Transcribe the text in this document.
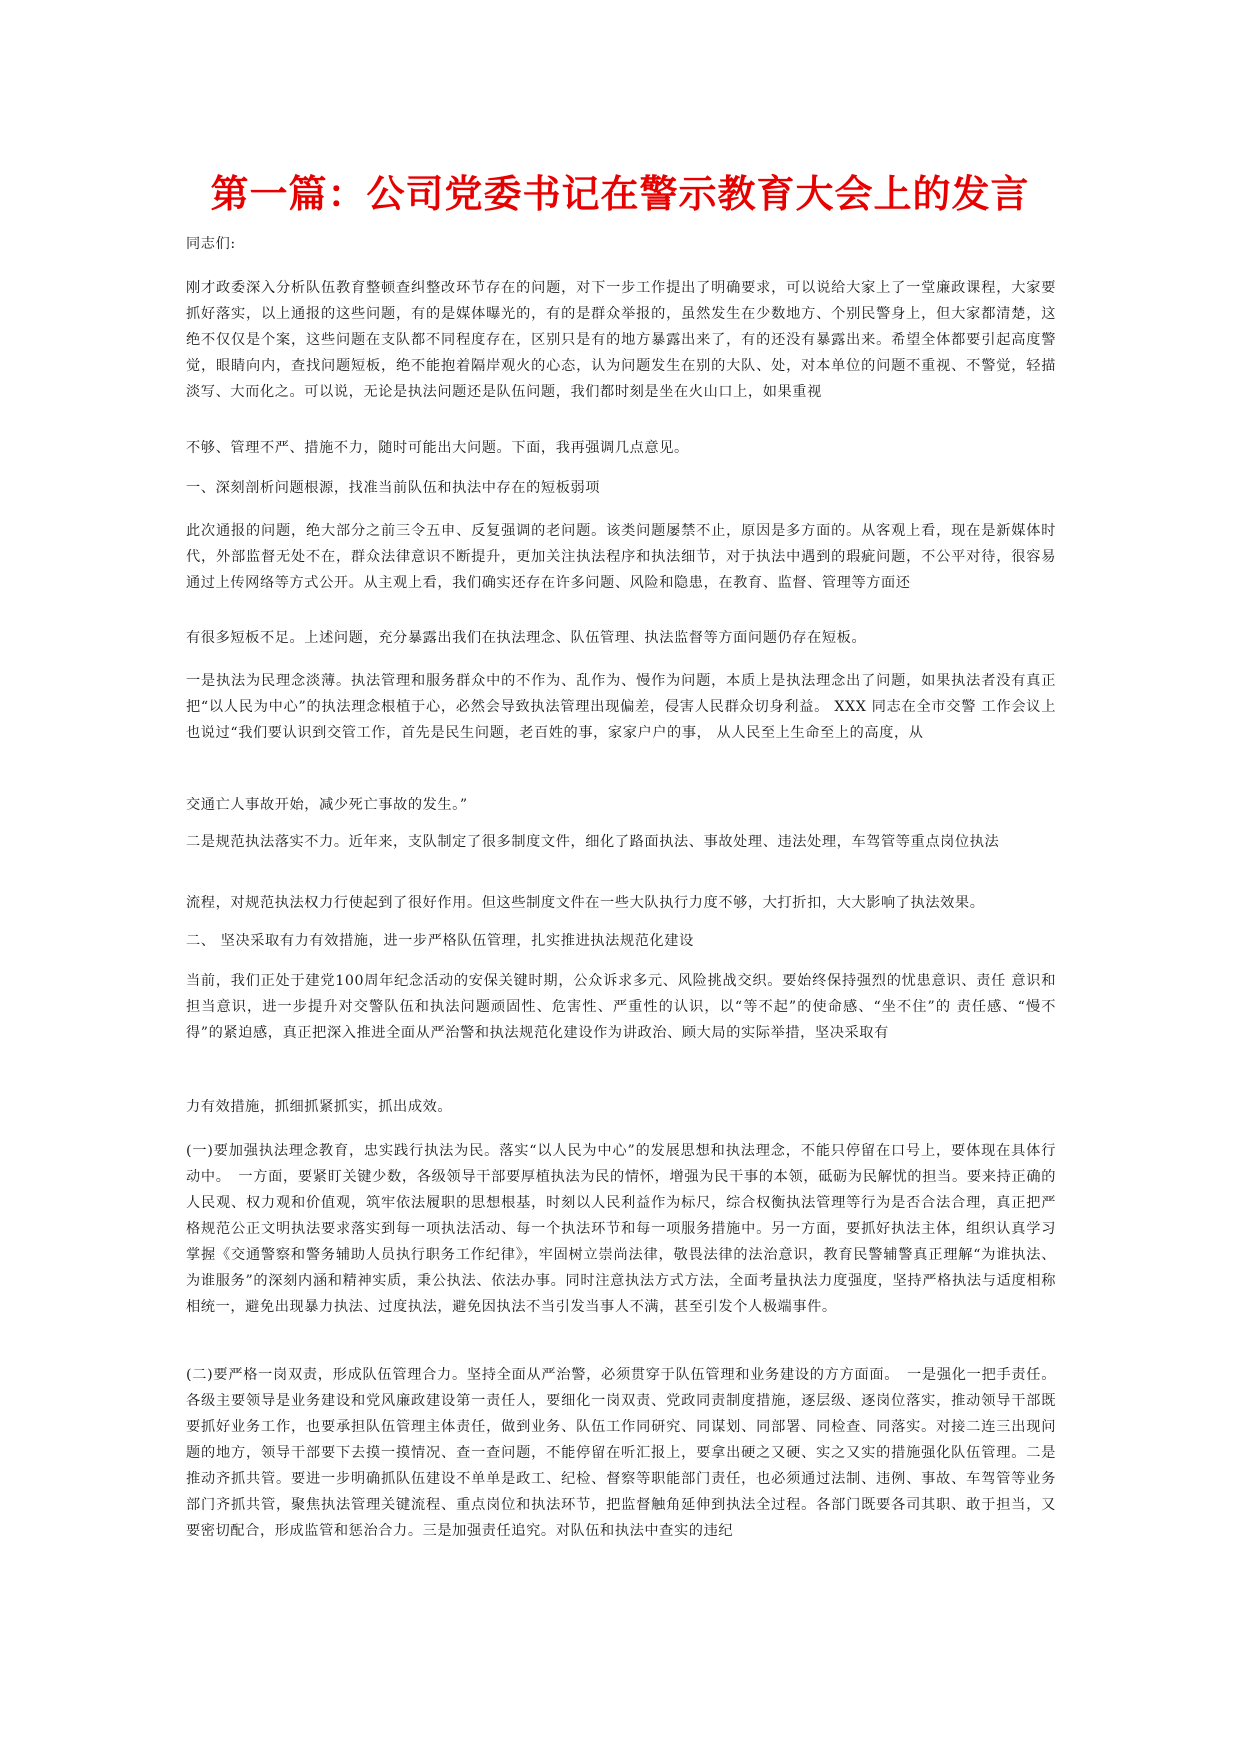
第一篇：公司党委书记在警示教育大会上的发言

同志们:

刚才政委深入分析队伍教育整顿查纠整改环节存在的问题，对下一步工作提出了明确要求，可以说给大家上了一堂廉政课程，大家要抓好落实，以上通报的这些问题，有的是媒体曝光的，有的是群众举报的，虽然发生在少数地方、个别民警身上，但大家都清楚，这绝不仅仅是个案，这些问题在支队都不同程度存在，区别只是有的地方暴露出来了，有的还没有暴露出来。希望全体都要引起高度警觉，眼睛向内，查找问题短板，绝不能抱着隔岸观火的心态，认为问题发生在别的大队、处，对本单位的问题不重视、不警觉，轻描淡写、大而化之。可以说，无论是执法问题还是队伍问题，我们都时刻是坐在火山口上，如果重视

不够、管理不严、措施不力，随时可能出大问题。下面，我再强调几点意见。

一、深刻剖析问题根源，找准当前队伍和执法中存在的短板弱项

此次通报的问题，绝大部分之前三令五申、反复强调的老问题。该类问题屡禁不止，原因是多方面的。从客观上看，现在是新媒体时代，外部监督无处不在，群众法律意识不断提升，更加关注执法程序和执法细节，对于执法中遇到的瑕疵问题，不公平对待，很容易通过上传网络等方式公开。从主观上看，我们确实还存在许多问题、风险和隐患，在教育、监督、管理等方面还

有很多短板不足。上述问题，充分暴露出我们在执法理念、队伍管理、执法监督等方面问题仍存在短板。

一是执法为民理念淡薄。执法管理和服务群众中的不作为、乱作为、慢作为问题，本质上是执法理念出了问题，如果执法者没有真正把“以人民为中心”的执法理念根植于心，必然会导致执法管理出现偏差，侵害人民群众切身利益。 XXX 同志在全市交警 工作会议上也说过“我们要认识到交管工作，首先是民生问题，老百姓的事，家家户户的事， 从人民至上生命至上的高度，从

交通亡人事故开始，减少死亡事故的发生。”

二是规范执法落实不力。近年来，支队制定了很多制度文件，细化了路面执法、事故处理、违法处理，车驾管等重点岗位执法

流程，对规范执法权力行使起到了很好作用。但这些制度文件在一些大队执行力度不够，大打折扣，大大影响了执法效果。

二、 坚决采取有力有效措施，进一步严格队伍管理，扎实推进执法规范化建设

当前，我们正处于建党100周年纪念活动的安保关键时期，公众诉求多元、风险挑战交织。要始终保持强烈的忧患意识、责任 意识和担当意识，进一步提升对交警队伍和执法问题顽固性、危害性、严重性的认识，以“等不起”的使命感、“坐不住”的 责任感、“慢不得”的紧迫感，真正把深入推进全面从严治警和执法规范化建设作为讲政治、顾大局的实际举措，坚决采取有

力有效措施，抓细抓紧抓实，抓出成效。

(一)要加强执法理念教育，忠实践行执法为民。落实“以人民为中心”的发展思想和执法理念，不能只停留在口号上，要体现在具体行动中。　一方面，要紧盯关键少数，各级领导干部要厚植执法为民的情怀，增强为民干事的本领，砥砺为民解忧的担当。要来持正确的人民观、权力观和价值观，筑牢依法履职的思想根基，时刻以人民利益作为标尺，综合权衡执法管理等行为是否合法合理，真正把严格规范公正文明执法要求落实到每一项执法活动、每一个执法环节和每一项服务措施中。另一方面，要抓好执法主体，组织认真学习掌握《交通警察和警务辅助人员执行职务工作纪律》，牢固树立崇尚法律，敬畏法律的法治意识，教育民警辅警真正理解“为谁执法、为谁服务”的深刻内涵和精神实质，秉公执法、依法办事。同时注意执法方式方法，全面考量执法力度强度，坚持严格执法与适度相称相统一，避免出现暴力执法、过度执法，避免因执法不当引发当事人不满，甚至引发个人极端事件。

(二)要严格一岗双责，形成队伍管理合力。坚持全面从严治警，必须贯穿于队伍管理和业务建设的方方面面。　一是强化一把手责任。各级主要领导是业务建设和党风廉政建设第一责任人，要细化一岗双责、党政同责制度措施，逐层级、逐岗位落实，推动领导干部既要抓好业务工作，也要承担队伍管理主体责任，做到业务、队伍工作同研究、同谋划、同部署、同检查、同落实。对接二连三出现问题的地方，领导干部要下去摸一摸情况、查一查问题，不能停留在听汇报上，要拿出硬之又硬、实之又实的措施强化队伍管理。二是推动齐抓共管。要进一步明确抓队伍建设不单单是政工、纪检、督察等职能部门责任，也必须通过法制、违例、事故、车驾管等业务部门齐抓共管，聚焦执法管理关键流程、重点岗位和执法环节，把监督触角延伸到执法全过程。各部门既要各司其职、敢于担当，又要密切配合，形成监管和惩治合力。三是加强责任追究。对队伍和执法中查实的违纪
